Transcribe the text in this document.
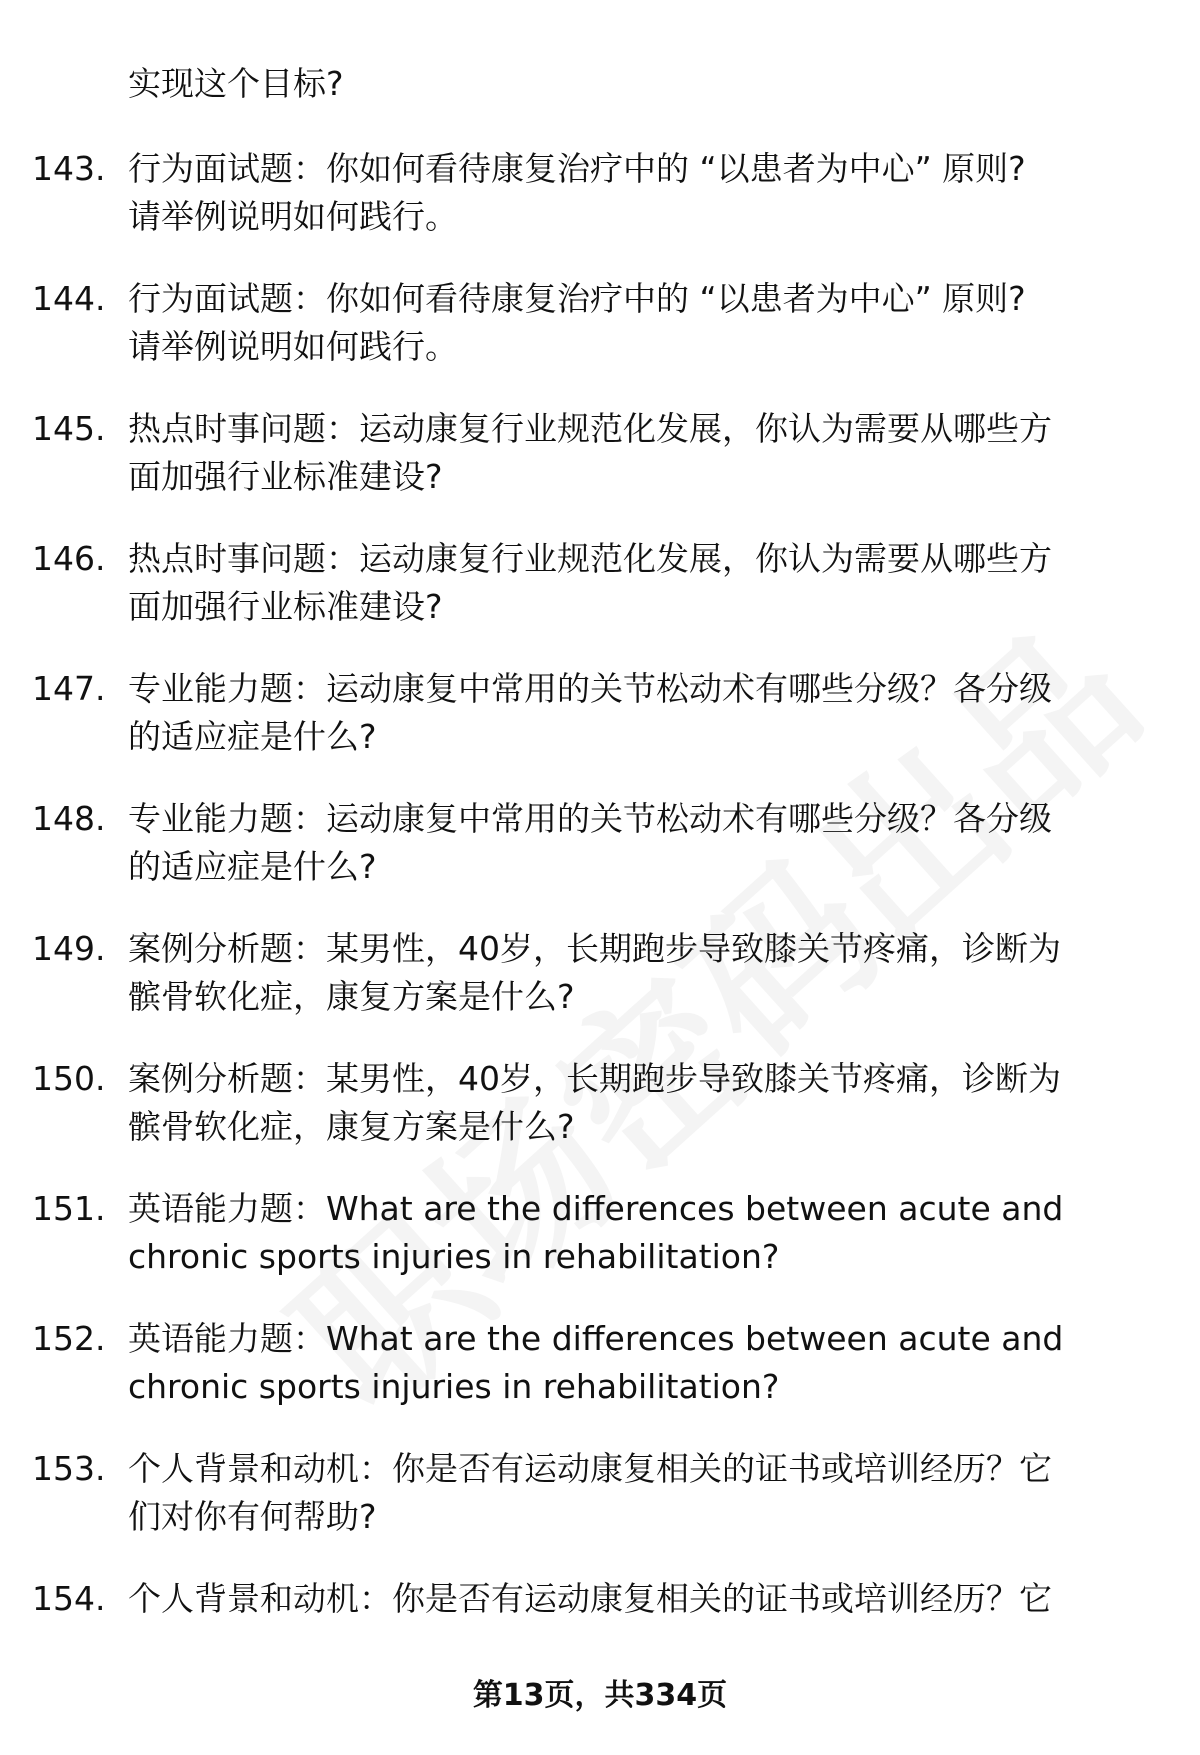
实现这个目标?
143. 行为面试题：你如何看待康复治疗中的 “以患者为中心” 原则?
请举例说明如何践行。
144. 行为面试题：你如何看待康复治疗中的 “以患者为中心” 原则?
请举例说明如何践行。
145. 热点时事问题：运动康复行业规范化发展，你认为需要从哪些方
面加强行业标准建设?
146. 热点时事问题：运动康复行业规范化发展，你认为需要从哪些方
面加强行业标准建设?
147. 专业能力题：运动康复中常用的关节松动术有哪些分级？各分级
的适应症是什么?
148. 专业能力题：运动康复中常用的关节松动术有哪些分级？各分级
的适应症是什么?
149. 案例分析题：某男性，40岁，长期跑步导致膝关节疼痛，诊断为
髌骨软化症，康复方案是什么?
150. 案例分析题：某男性，40岁，长期跑步导致膝关节疼痛，诊断为
髌骨软化症，康复方案是什么?
151. 英语能力题：What are the differences between acute and
chronic sports injuries in rehabilitation?
152. 英语能力题：What are the differences between acute and
chronic sports injuries in rehabilitation?
153. 个人背景和动机：你是否有运动康复相关的证书或培训经历？它
们对你有何帮助?
154. 个人背景和动机：你是否有运动康复相关的证书或培训经历？它
第13页，共334页
